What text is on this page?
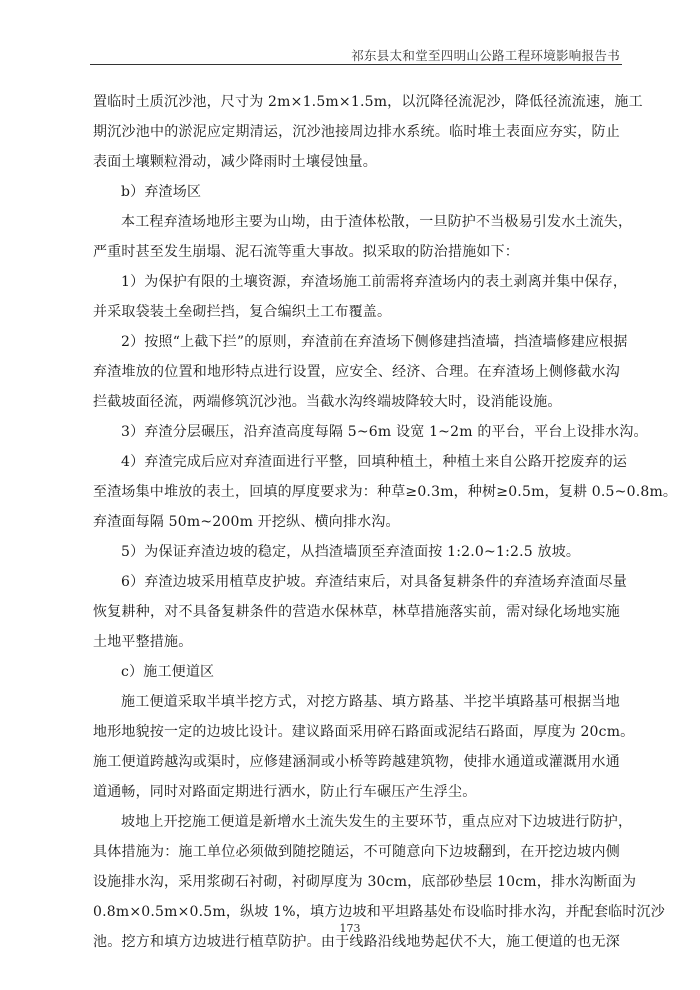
祁东县太和堂至四明山公路工程环境影响报告书
置临时土质沉沙池，尺寸为 2m×1.5m×1.5m，以沉降径流泥沙，降低径流流速，施工
期沉沙池中的淤泥应定期清运，沉沙池接周边排水系统。临时堆土表面应夯实，防止
表面土壤颗粒滑动，减少降雨时土壤侵蚀量。
b）弃渣场区
本工程弃渣场地形主要为山坳，由于渣体松散，一旦防护不当极易引发水土流失，
严重时甚至发生崩塌、泥石流等重大事故。拟采取的防治措施如下：
1）为保护有限的土壤资源，弃渣场施工前需将弃渣场内的表土剥离并集中保存，
并采取袋装土垒砌拦挡，复合编织土工布覆盖。
2）按照“上截下拦”的原则，弃渣前在弃渣场下侧修建挡渣墙，挡渣墙修建应根据
弃渣堆放的位置和地形特点进行设置，应安全、经济、合理。在弃渣场上侧修截水沟
拦截坡面径流，两端修筑沉沙池。当截水沟终端坡降较大时，设消能设施。
3）弃渣分层碾压，沿弃渣高度每隔 5~6m 设宽 1~2m 的平台，平台上设排水沟。
4）弃渣完成后应对弃渣面进行平整，回填种植土，种植土来自公路开挖废弃的运
至渣场集中堆放的表土，回填的厚度要求为：种草≥0.3m，种树≥0.5m，复耕 0.5~0.8m。
弃渣面每隔 50m~200m 开挖纵、横向排水沟。
5）为保证弃渣边坡的稳定，从挡渣墙顶至弃渣面按 1:2.0~1:2.5 放坡。
6）弃渣边坡采用植草皮护坡。弃渣结束后，对具备复耕条件的弃渣场弃渣面尽量
恢复耕种，对不具备复耕条件的营造水保林草，林草措施落实前，需对绿化场地实施
土地平整措施。
c）施工便道区
施工便道采取半填半挖方式，对挖方路基、填方路基、半挖半填路基可根据当地
地形地貌按一定的边坡比设计。建议路面采用碎石路面或泥结石路面，厚度为 20cm。
施工便道跨越沟或渠时，应修建涵洞或小桥等跨越建筑物，使排水通道或灌溉用水通
道通畅，同时对路面定期进行洒水，防止行车碾压产生浮尘。
坡地上开挖施工便道是新增水土流失发生的主要环节，重点应对下边坡进行防护，
具体措施为：施工单位必须做到随挖随运，不可随意向下边坡翻到，在开挖边坡内侧
设施排水沟，采用浆砌石衬砌，衬砌厚度为 30cm，底部砂垫层 10cm，排水沟断面为
0.8m×0.5m×0.5m，纵坡 1%，填方边坡和平坦路基处布设临时排水沟，并配套临时沉沙
池。挖方和填方边坡进行植草防护。由于线路沿线地势起伏不大，施工便道的也无深
173
